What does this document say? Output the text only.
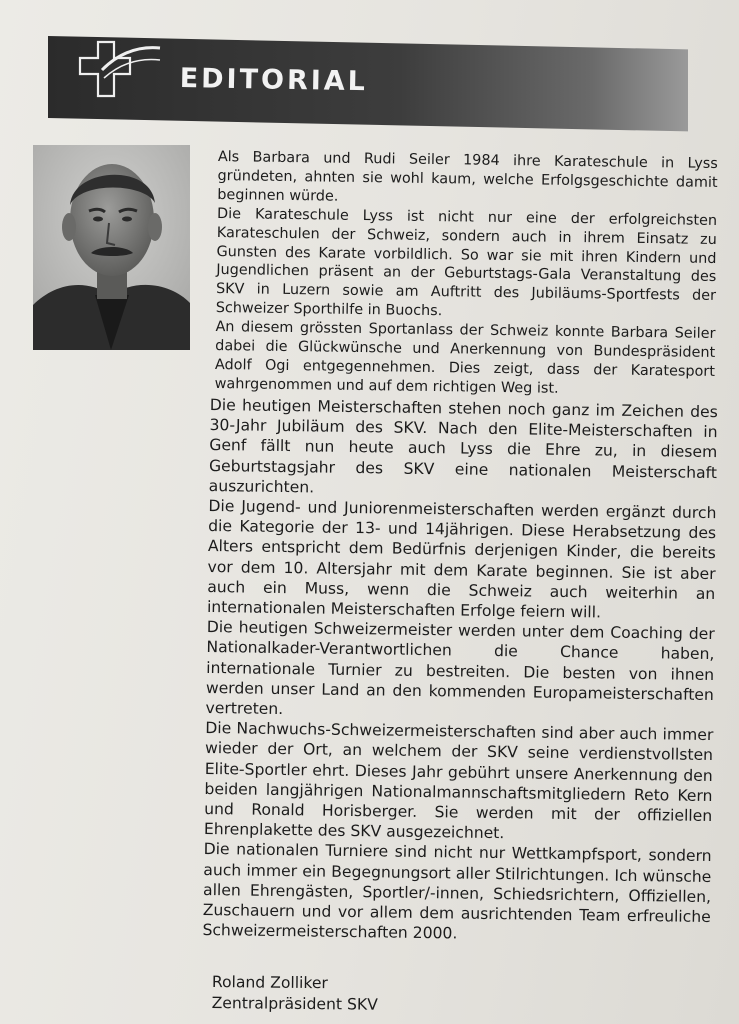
EDITORIAL

Als Barbara und Rudi Seiler 1984 ihre Karateschule in Lyss gründeten, ahnten sie wohl kaum, welche Erfolgsgeschichte damit beginnen würde.

Die Karateschule Lyss ist nicht nur eine der erfolgreichsten Karateschulen der Schweiz, sondern auch in ihrem Einsatz zu Gunsten des Karate vorbildlich. So war sie mit ihren Kindern und Jugendlichen präsent an der Geburtstags-Gala Veranstaltung des SKV in Luzern sowie am Auftritt des Jubiläums-Sportfests der Schweizer Sporthilfe in Buochs.

An diesem grössten Sportanlass der Schweiz konnte Barbara Seiler dabei die Glückwünsche und Anerkennung von Bundespräsident Adolf Ogi entgegennehmen. Dies zeigt, dass der Karatesport wahrgenommen und auf dem richtigen Weg ist.

Die heutigen Meisterschaften stehen noch ganz im Zeichen des 30-Jahr Jubiläum des SKV. Nach den Elite-Meisterschaften in Genf fällt nun heute auch Lyss die Ehre zu, in diesem Geburtstagsjahr des SKV eine nationalen Meisterschaft auszurichten.

Die Jugend- und Juniorenmeisterschaften werden ergänzt durch die Kategorie der 13- und 14jährigen. Diese Herabsetzung des Alters entspricht dem Bedürfnis derjenigen Kinder, die bereits vor dem 10. Altersjahr mit dem Karate beginnen. Sie ist aber auch ein Muss, wenn die Schweiz auch weiterhin an internationalen Meisterschaften Erfolge feiern will.

Die heutigen Schweizermeister werden unter dem Coaching der Nationalkader-Verantwortlichen die Chance haben, internationale Turnier zu bestreiten. Die besten von ihnen werden unser Land an den kommenden Europameisterschaften vertreten.

Die Nachwuchs-Schweizermeisterschaften sind aber auch immer wieder der Ort, an welchem der SKV seine verdienstvollsten Elite-Sportler ehrt. Dieses Jahr gebührt unsere Anerkennung den beiden langjährigen Nationalmannschaftsmitgliedern Reto Kern und Ronald Horisberger. Sie werden mit der offiziellen Ehrenplakette des SKV ausgezeichnet.

Die nationalen Turniere sind nicht nur Wettkampfsport, sondern auch immer ein Begegnungsort aller Stilrichtungen. Ich wünsche allen Ehrengästen, Sportler/-innen, Schiedsrichtern, Offiziellen, Zuschauern und vor allem dem ausrichtenden Team erfreuliche Schweizermeisterschaften 2000.

Roland Zolliker
Zentralpräsident SKV
